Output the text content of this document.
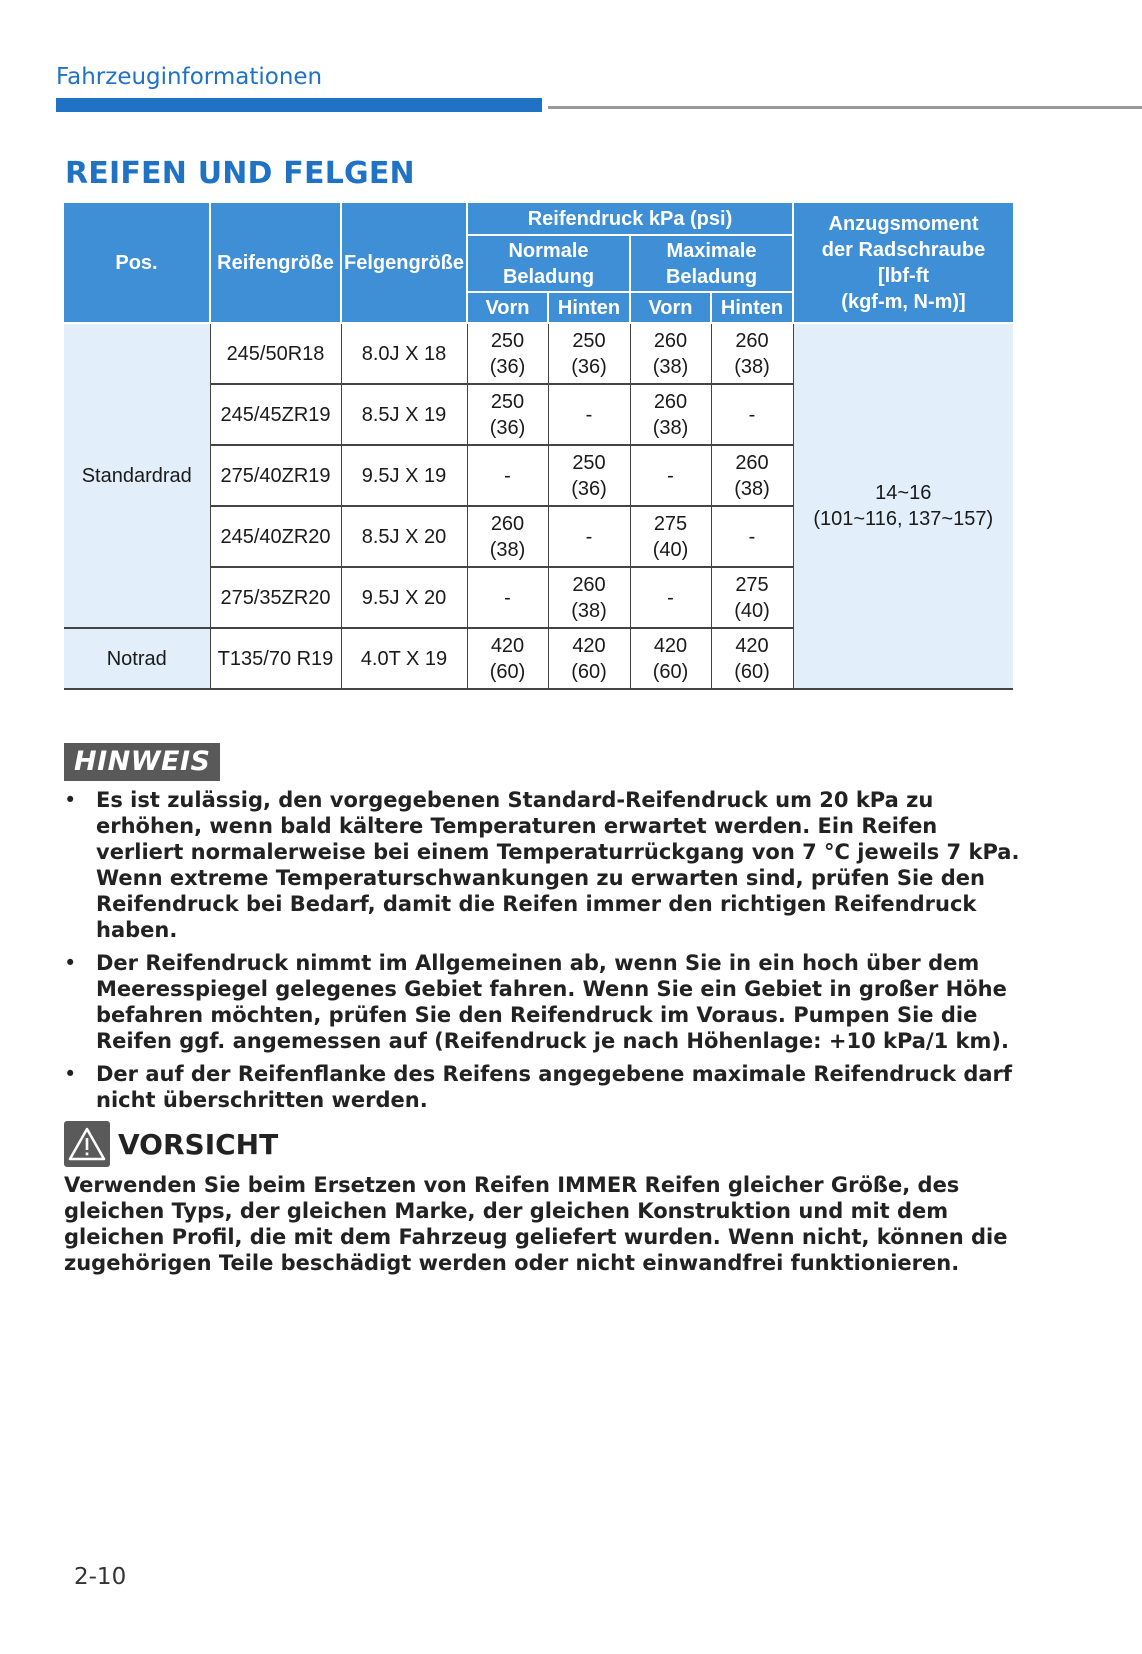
Fahrzeuginformationen
REIFEN UND FELGEN
Pos.	Reifengröße	Felgengröße	Reifendruck kPa (psi)				Anzugsmoment
der Radschraube
[lbf-ft
(kgf-m, N-m)]

			Normale Beladung		Maximale Beladung		
			Vorn	Hinten	Vorn	Hinten	
Standardrad	245/50R18	8.0J X 18	250
(36)	250
(36)	260
(38)	260
(38)	14~16
(101~116, 137~157)

	245/45ZR19	8.5J X 19	250
(36)	-	260
(38)	-	

	275/40ZR19	9.5J X 19	-	250
(36)	-	260
(38)	

	245/40ZR20	8.5J X 20	260
(38)	-	275
(40)	-	

	275/35ZR20	9.5J X 20	-	260
(38)	-	275
(40)	

Notrad	T135/70 R19	4.0T X 19	420
(60)	420
(60)	420
(60)	420
(60)	
HINWEIS
• Es ist zulässig, den vorgegebenen Standard-Reifendruck um 20 kPa zu erhöhen, wenn bald kältere Temperaturen erwartet werden. Ein Reifen verliert normalerweise bei einem Temperaturrückgang von 7 °C jeweils 7 kPa. Wenn extreme Temperaturschwankungen zu erwarten sind, prüfen Sie den Reifendruck bei Bedarf, damit die Reifen immer den richtigen Reifendruck haben.
• Der Reifendruck nimmt im Allgemeinen ab, wenn Sie in ein hoch über dem Meeresspiegel gelegenes Gebiet fahren. Wenn Sie ein Gebiet in großer Höhe befahren möchten, prüfen Sie den Reifendruck im Voraus. Pumpen Sie die Reifen ggf. angemessen auf (Reifendruck je nach Höhenlage: +10 kPa/1 km).
• Der auf der Reifenflanke des Reifens angegebene maximale Reifendruck darf nicht überschritten werden.
VORSICHT

Verwenden Sie beim Ersetzen von Reifen IMMER Reifen gleicher Größe, des gleichen Typs, der gleichen Marke, der gleichen Konstruktion und mit dem gleichen Profil, die mit dem Fahrzeug geliefert wurden. Wenn nicht, können die zugehörigen Teile beschädigt werden oder nicht einwandfrei funktionieren.

2-10
